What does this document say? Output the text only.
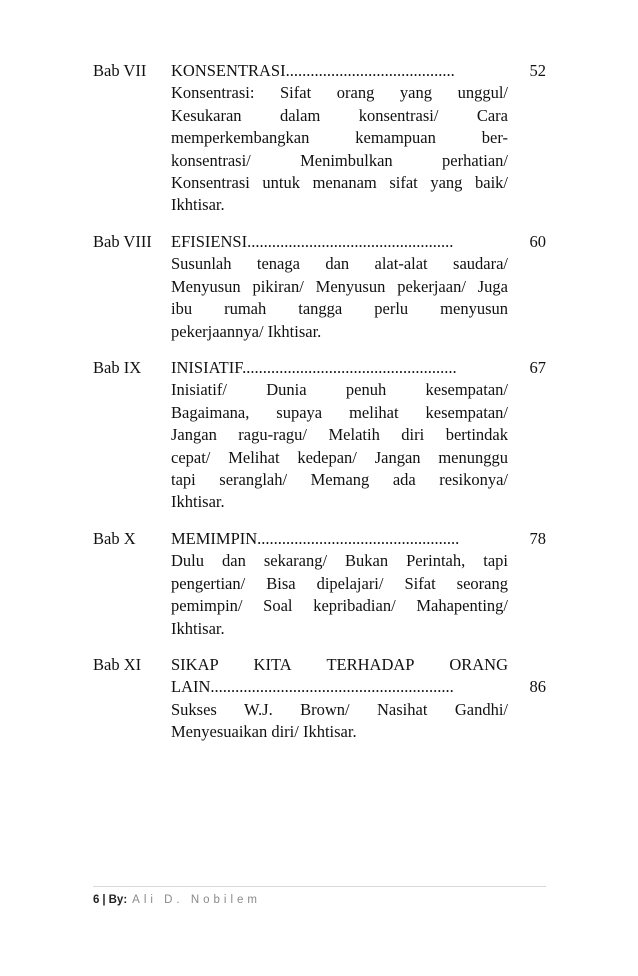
Bab VII KONSENTRASI.........................................	52
Konsentrasi: Sifat orang yang unggul/
Kesukaran dalam konsentrasi/ Cara
memperkembangkan kemampuan ber-
konsentrasi/ Menimbulkan perhatian/
Konsentrasi untuk menanam sifat yang baik/
Ikhtisar.
Bab VIII EFISIENSI..................................................	60
Susunlah tenaga dan alat-alat saudara/
Menyusun pikiran/ Menyusun pekerjaan/ Juga
ibu rumah tangga perlu menyusun
pekerjaannya/ Ikhtisar.
Bab IX INISIATIF....................................................	67
Inisiatif/ Dunia penuh kesempatan/
Bagaimana, supaya melihat kesempatan/
Jangan ragu-ragu/ Melatih diri bertindak
cepat/ Melihat kedepan/ Jangan menunggu
tapi seranglah/ Memang ada resikonya/
Ikhtisar.
Bab X MEMIMPIN.................................................	78
Dulu dan sekarang/ Bukan Perintah, tapi
pengertian/ Bisa dipelajari/ Sifat seorang
pemimpin/ Soal kepribadian/ Mahapenting/
Ikhtisar.
Bab XI SIKAP KITA TERHADAP ORANG
LAIN...........................................................	86
Sukses W.J. Brown/ Nasihat Gandhi/
Menyesuaikan diri/ Ikhtisar.
6 | By: Ali D. Nobilem
